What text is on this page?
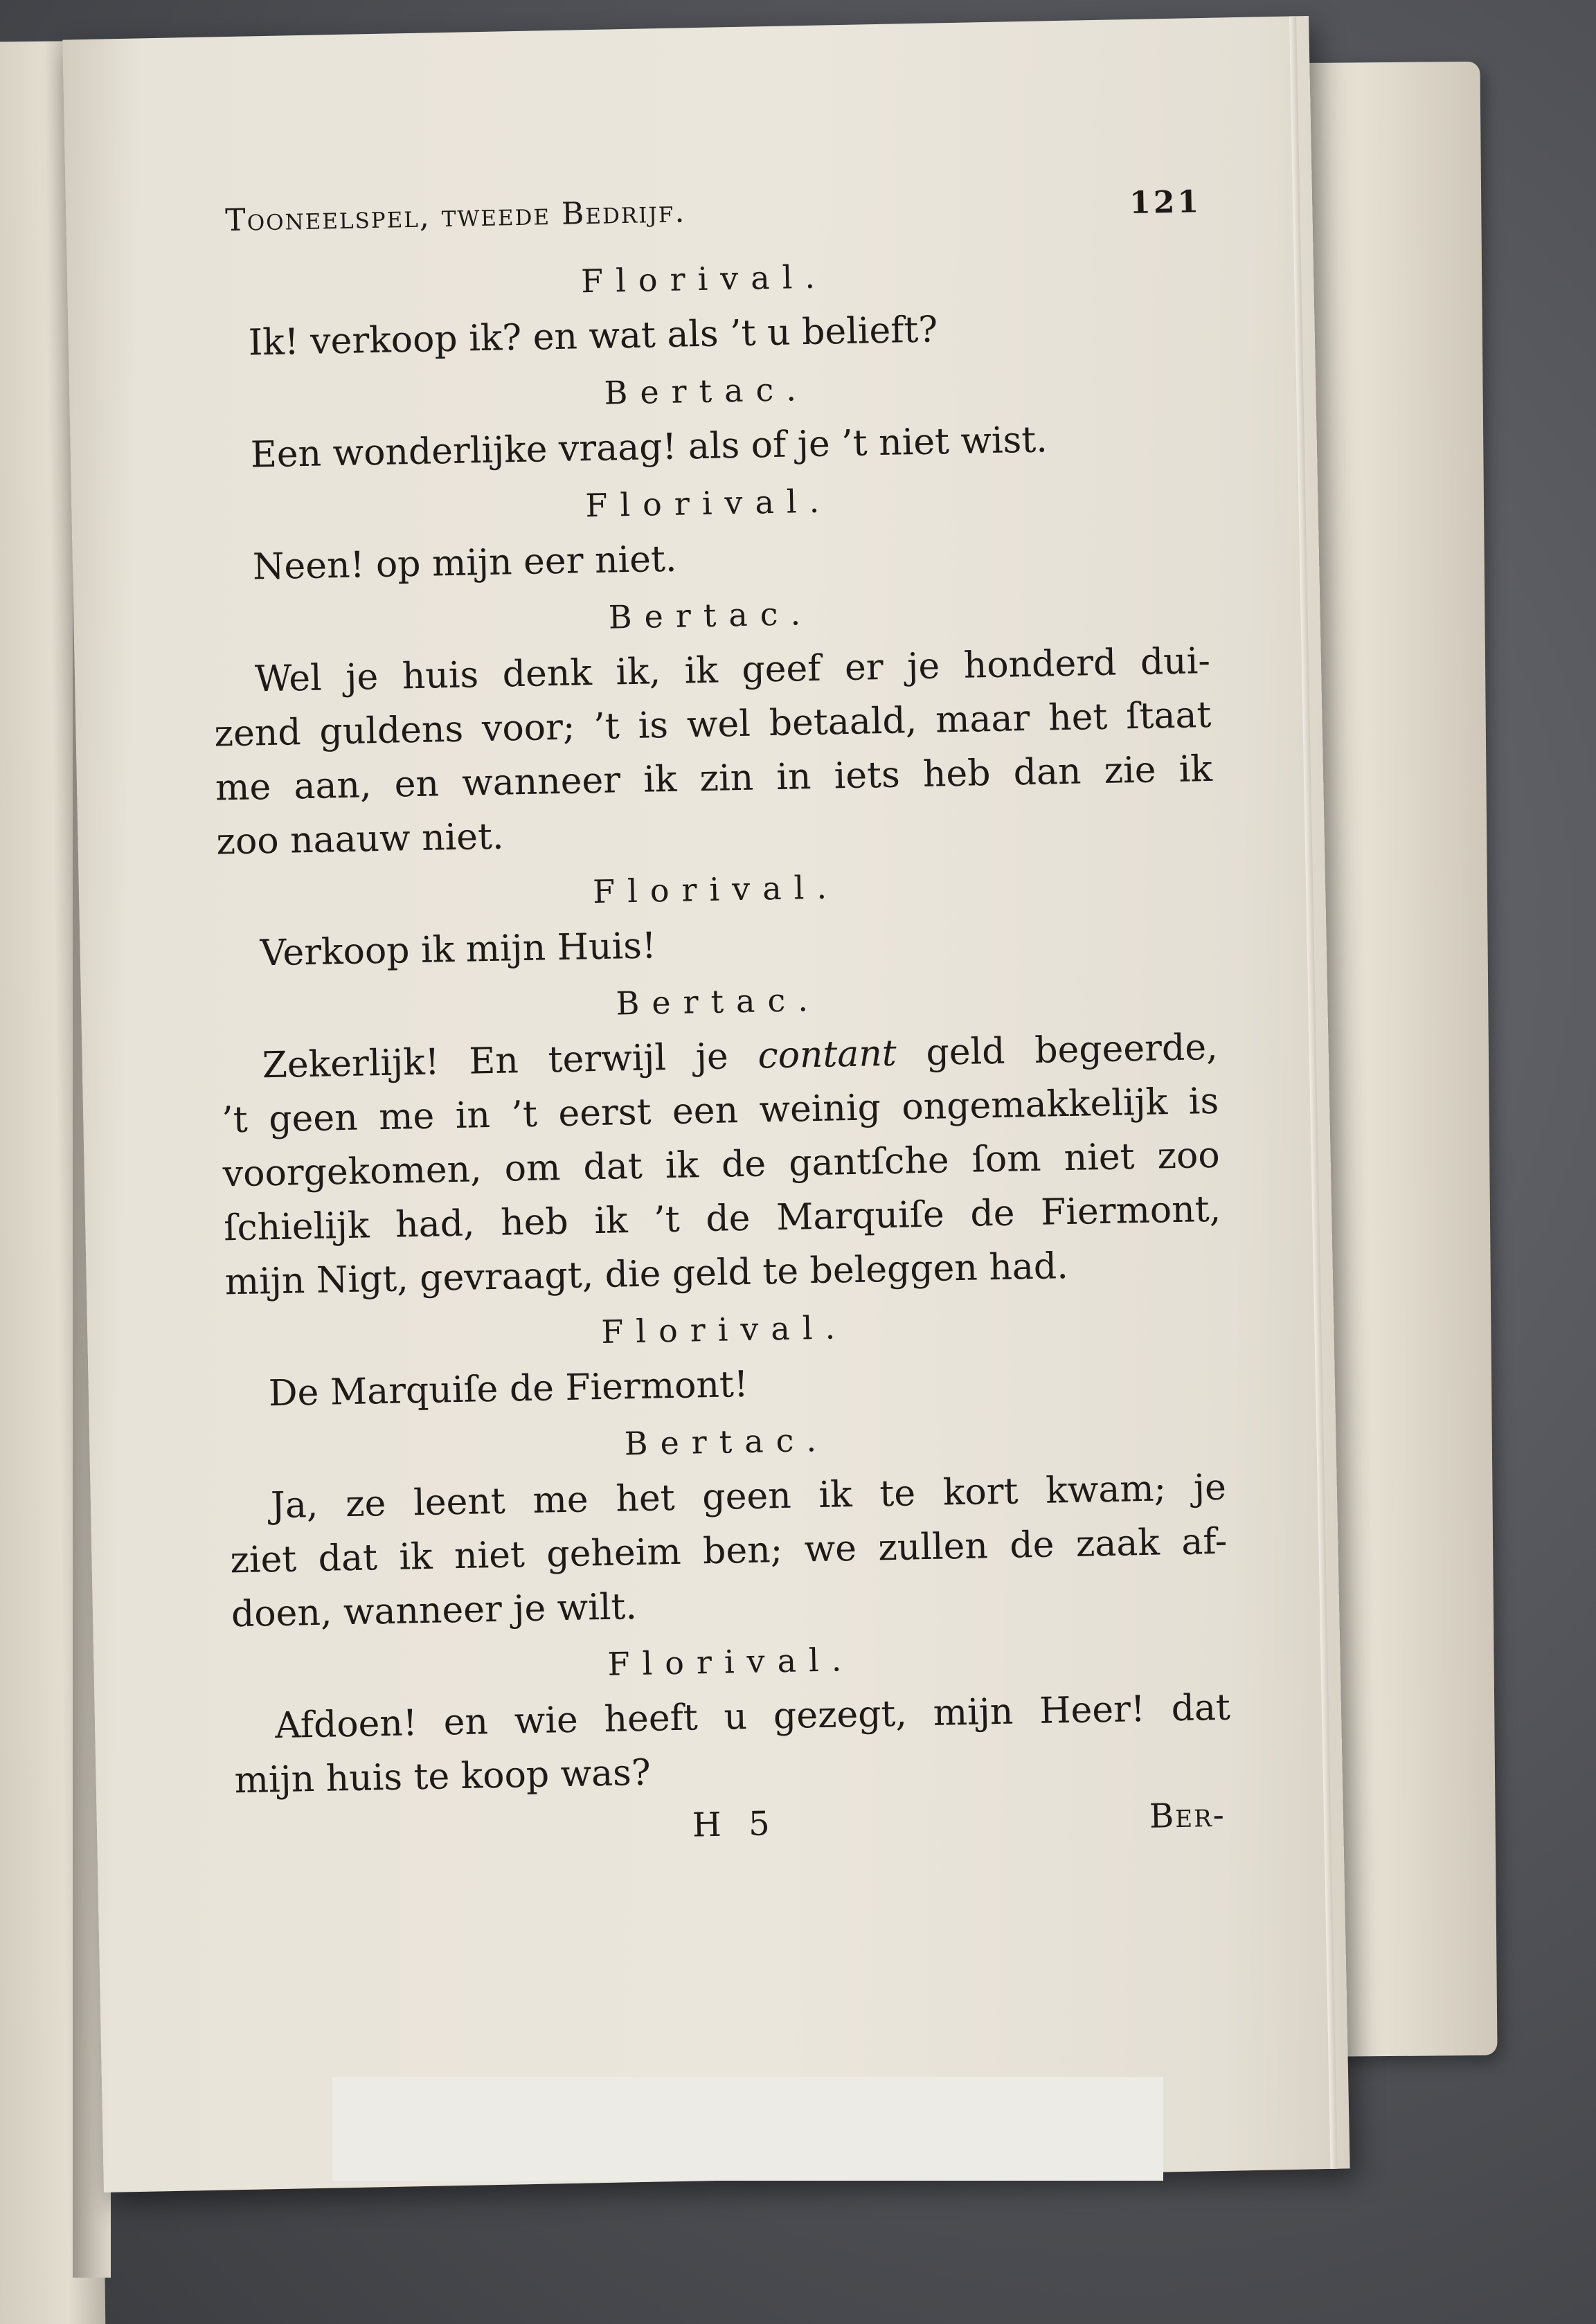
Tooneelspel, tweede Bedrijf.	121
Florival.
Ik! verkoop ik? en wat als ’t u belieft?
Bertac.
Een wonderlijke vraag! als of je ’t niet wist.
Florival.
Neen! op mijn eer niet.
Bertac.
Wel je huis denk ik, ik geef er je honderd dui-
zend guldens voor; ’t is wel betaald, maar het ſtaat
me aan, en wanneer ik zin in iets heb dan zie ik
zoo naauw niet.
Florival.
Verkoop ik mijn Huis!
Bertac.
Zekerlijk! En terwijl je contant geld begeerde,
’t geen me in ’t eerst een weinig ongemakkelijk is
voorgekomen, om dat ik de gantſche ſom niet zoo
ſchielijk had, heb ik ’t de Marquiſe de Fiermont,
mijn Nigt, gevraagt, die geld te beleggen had.
Florival.
De Marquiſe de Fiermont!
Bertac.
Ja, ze leent me het geen ik te kort kwam; je
ziet dat ik niet geheim ben; we zullen de zaak af-
doen, wanneer je wilt.
Florival.
Afdoen! en wie heeft u gezegt, mijn Heer! dat
mijn huis te koop was?
H 5	Ber-
